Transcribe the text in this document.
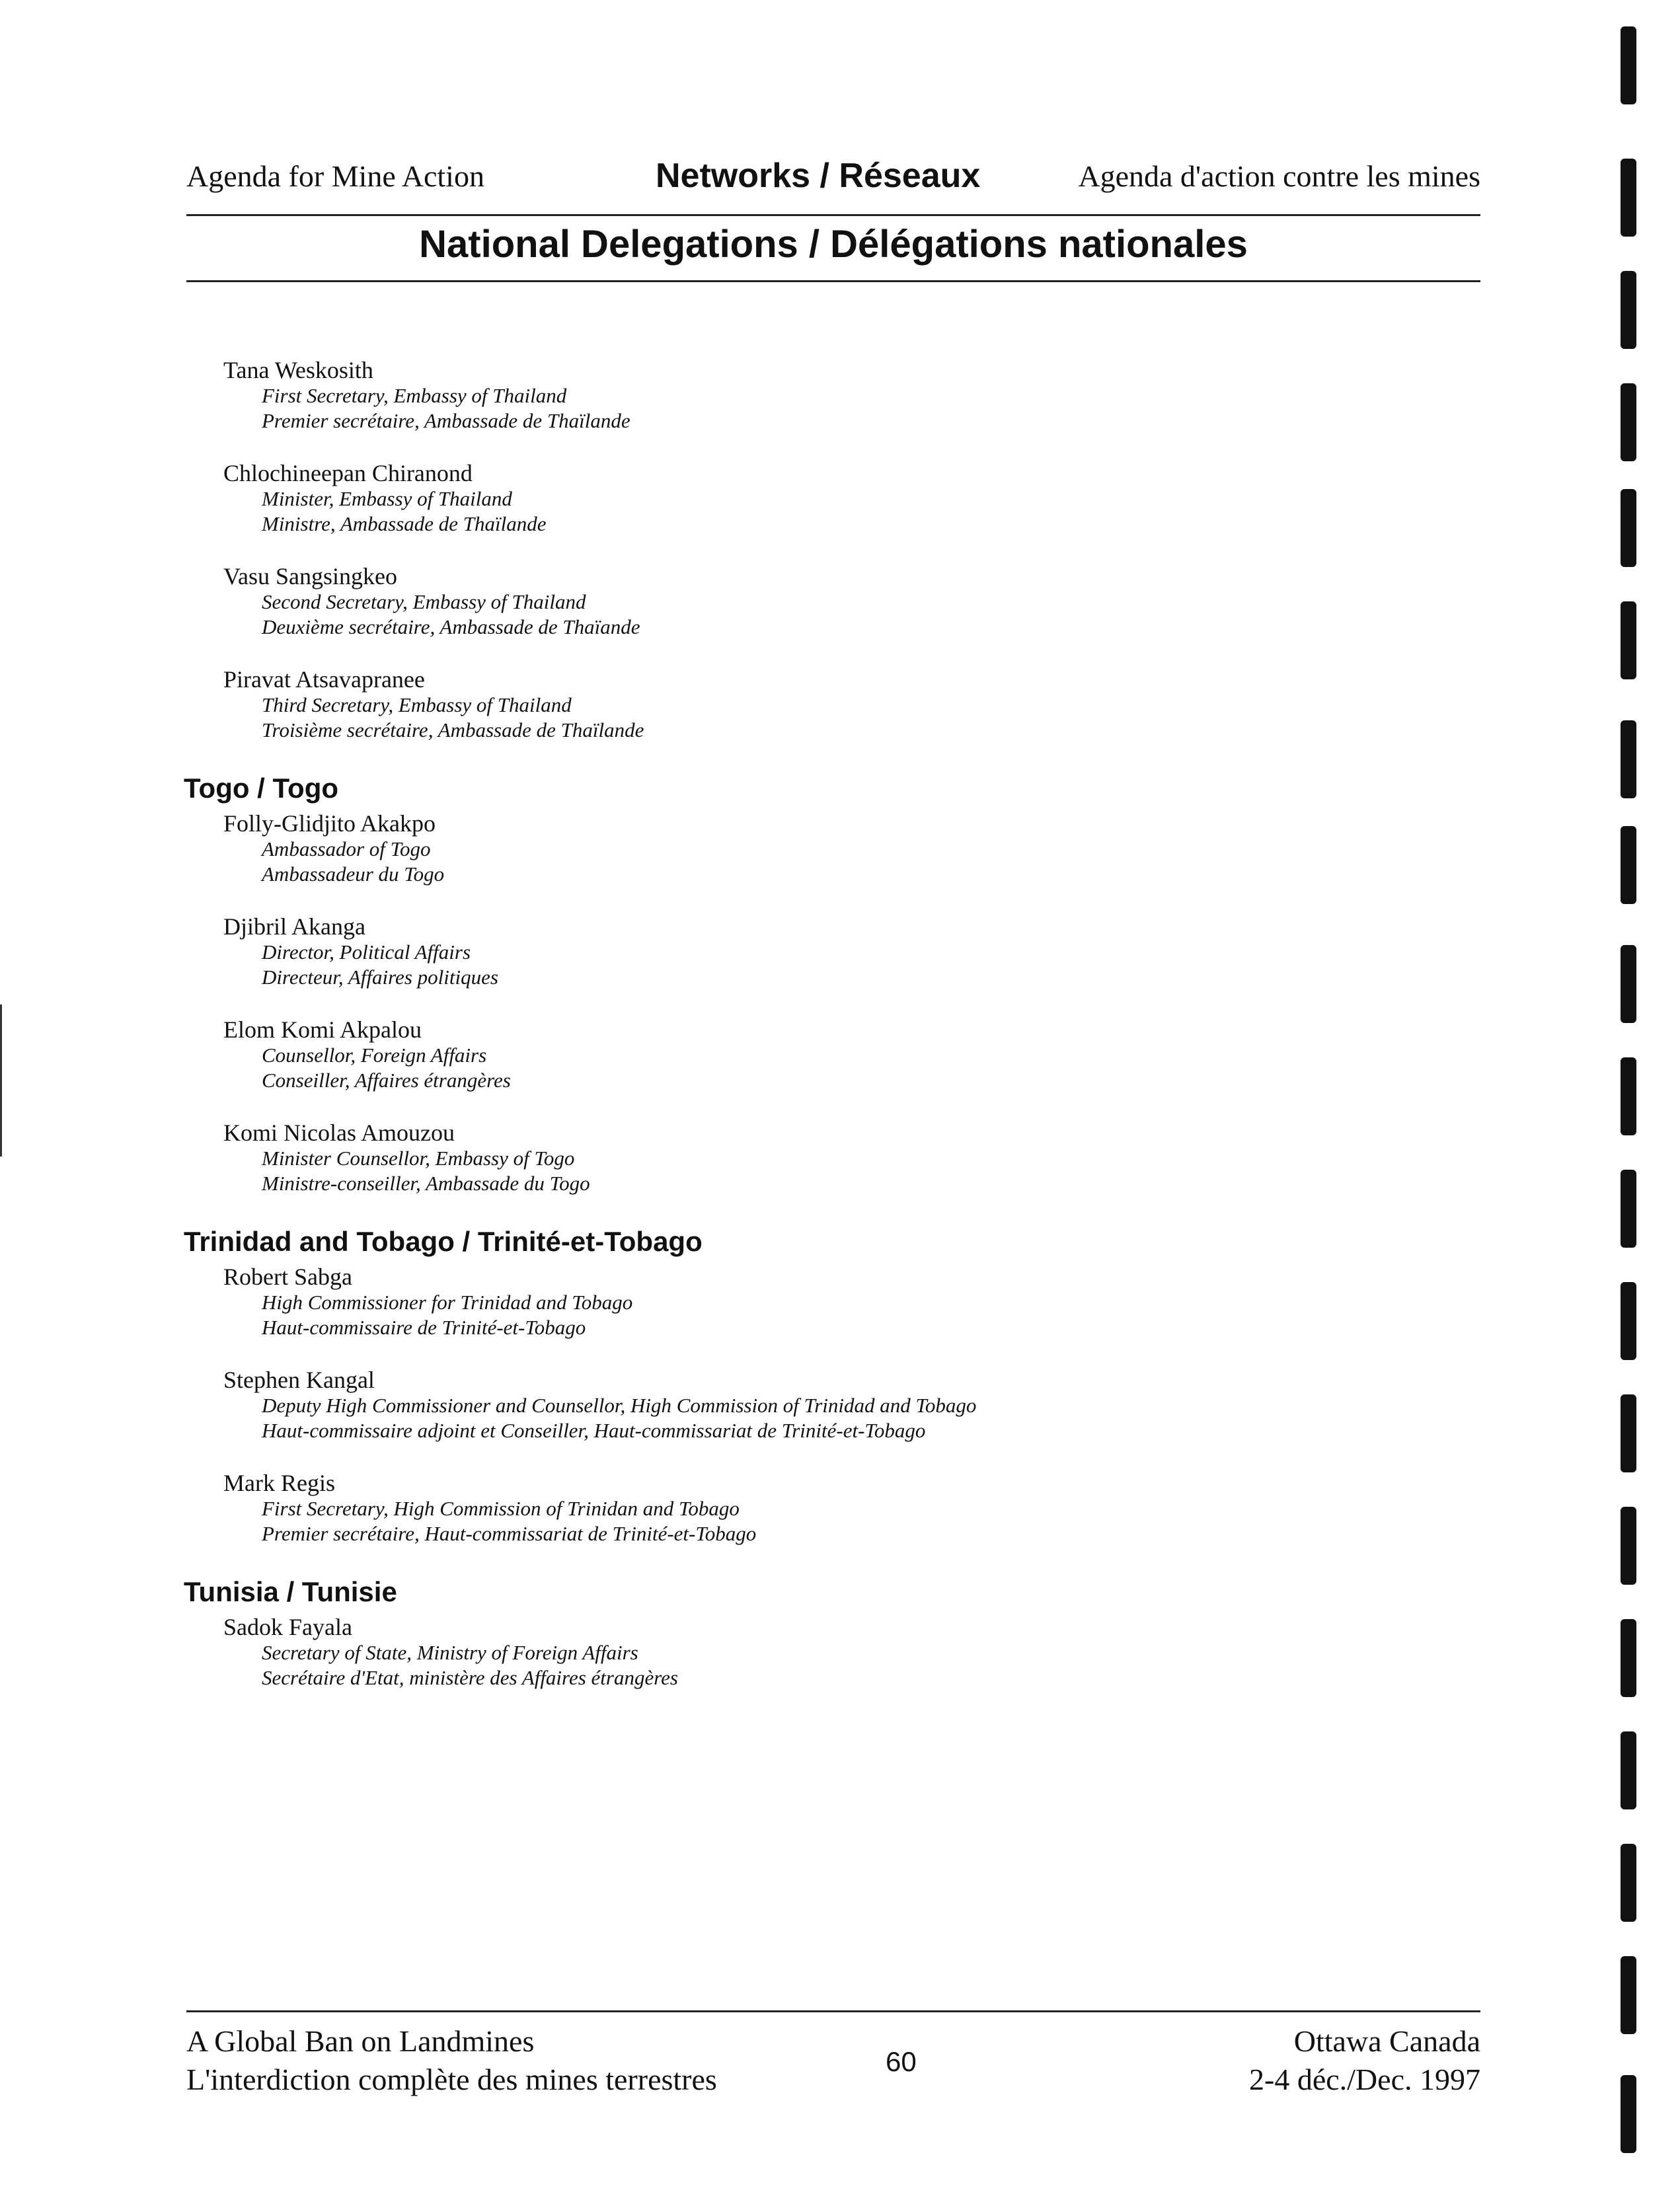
Agenda for Mine Action	Networks / Réseaux	Agenda d'action contre les mines
National Delegations / Délégations nationales
Tana Weskosith
First Secretary, Embassy of Thailand
Premier secrétaire, Ambassade de Thaïlande
Chlochineepan Chiranond
Minister, Embassy of Thailand
Ministre, Ambassade de Thaïlande
Vasu Sangsingkeo
Second Secretary, Embassy of Thailand
Deuxième secrétaire, Ambassade de Thaïande
Piravat Atsavapranee
Third Secretary, Embassy of Thailand
Troisième secrétaire, Ambassade de Thaïlande
Togo / Togo
Folly-Glidjito Akakpo
Ambassador of Togo
Ambassadeur du Togo
Djibril Akanga
Director, Political Affairs
Directeur, Affaires politiques
Elom Komi Akpalou
Counsellor, Foreign Affairs
Conseiller, Affaires étrangères
Komi Nicolas Amouzou
Minister Counsellor, Embassy of Togo
Ministre-conseiller, Ambassade du Togo
Trinidad and Tobago / Trinité-et-Tobago
Robert Sabga
High Commissioner for Trinidad and Tobago
Haut-commissaire de Trinité-et-Tobago
Stephen Kangal
Deputy High Commissioner and Counsellor, High Commission of Trinidad and Tobago
Haut-commissaire adjoint et Conseiller, Haut-commissariat de Trinité-et-Tobago
Mark Regis
First Secretary, High Commission of Trinidan and Tobago
Premier secrétaire, Haut-commissariat de Trinité-et-Tobago
Tunisia / Tunisie
Sadok Fayala
Secretary of State, Ministry of Foreign Affairs
Secrétaire d'Etat, ministère des Affaires étrangères
A Global Ban on Landmines
L'interdiction complète des mines terrestres
60
Ottawa Canada
2-4 déc./Dec. 1997
